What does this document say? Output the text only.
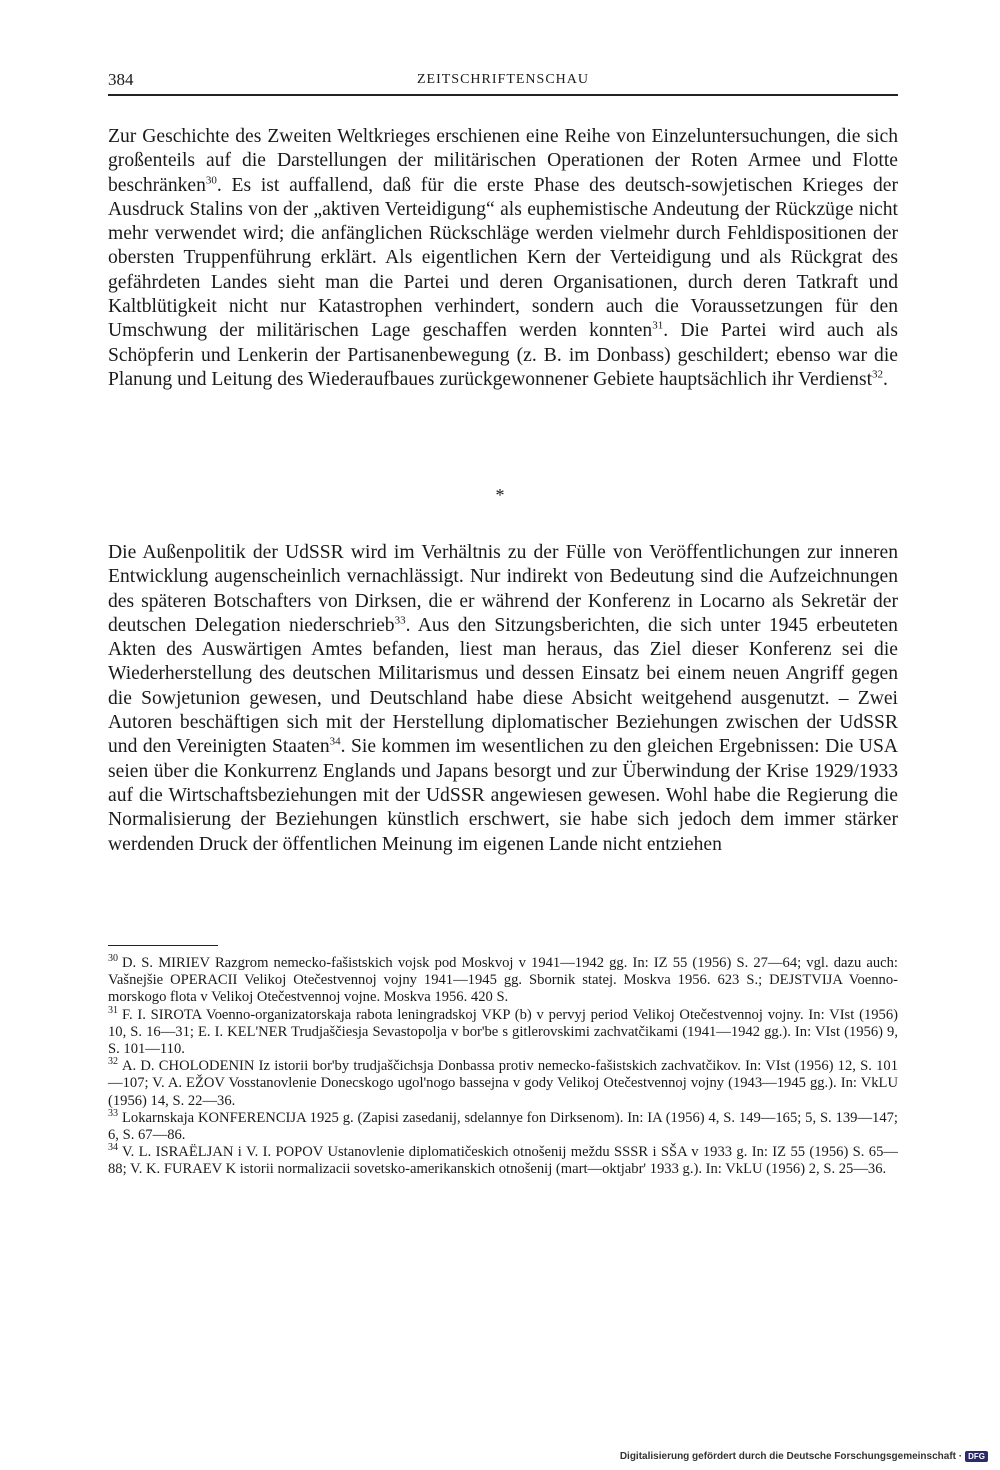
384	ZEITSCHRIFTENSCHAU

Zur Geschichte des Zweiten Weltkrieges erschienen eine Reihe von Einzeluntersuchungen, die sich großenteils auf die Darstellungen der militärischen Operationen der Roten Armee und Flotte beschränken$^{30}$. Es ist auffallend, daß für die erste Phase des deutsch-sowjetischen Krieges der Ausdruck Stalins von der „aktiven Verteidigung“ als euphemistische Andeutung der Rückzüge nicht mehr verwendet wird; die anfänglichen Rückschläge werden vielmehr durch Fehldispositionen der obersten Truppenführung erklärt. Als eigentlichen Kern der Verteidigung und als Rückgrat des gefährdeten Landes sieht man die Partei und deren Organisationen, durch deren Tatkraft und Kaltblütigkeit nicht nur Katastrophen verhindert, sondern auch die Voraussetzungen für den Umschwung der militärischen Lage geschaffen werden konnten$^{31}$. Die Partei wird auch als Schöpferin und Lenkerin der Partisanenbewegung (z. B. im Donbass) geschildert; ebenso war die Planung und Leitung des Wiederaufbaues zurückgewonnener Gebiete hauptsächlich ihr Verdienst$^{32}$.

*

Die Außenpolitik der UdSSR wird im Verhältnis zu der Fülle von Veröffentlichungen zur inneren Entwicklung augenscheinlich vernachlässigt. Nur indirekt von Bedeutung sind die Aufzeichnungen des späteren Botschafters von Dirksen, die er während der Konferenz in Locarno als Sekretär der deutschen Delegation niederschrieb$^{33}$. Aus den Sitzungsberichten, die sich unter 1945 erbeuteten Akten des Auswärtigen Amtes befanden, liest man heraus, das Ziel dieser Konferenz sei die Wiederherstellung des deutschen Militarismus und dessen Einsatz bei einem neuen Angriff gegen die Sowjetunion gewesen, und Deutschland habe diese Absicht weitgehend ausgenutzt. – Zwei Autoren beschäftigen sich mit der Herstellung diplomatischer Beziehungen zwischen der UdSSR und den Vereinigten Staaten$^{34}$. Sie kommen im wesentlichen zu den gleichen Ergebnissen: Die USA seien über die Konkurrenz Englands und Japans besorgt und zur Überwindung der Krise 1929/1933 auf die Wirtschaftsbeziehungen mit der UdSSR angewiesen gewesen. Wohl habe die Regierung die Normalisierung der Beziehungen künstlich erschwert, sie habe sich jedoch dem immer stärker werdenden Druck der öffentlichen Meinung im eigenen Lande nicht entziehen

$^{30}$ D. S. MIRIEV Razgrom nemecko-fašistskich vojsk pod Moskvoj v 1941—1942 gg. In: IZ 55 (1956) S. 27—64; vgl. dazu auch: Vašnejšie OPERACII Velikoj Otečestvennoj vojny 1941—1945 gg. Sbornik statej. Moskva 1956. 623 S.; DEJSTVIJA Voenno-morskogo flota v Velikoj Otečestvennoj vojne. Moskva 1956. 420 S.
$^{31}$ F. I. SIROTA Voenno-organizatorskaja rabota leningradskoj VKP (b) v pervyj period Velikoj Otečestvennoj vojny. In: VIst (1956) 10, S. 16—31; E. I. KEL'NER Trudjaščiesja Sevastopolja v bor'be s gitlerovskimi zachvatčikami (1941—1942 gg.). In: VIst (1956) 9, S. 101—110.
$^{32}$ A. D. CHOLODENIN Iz istorii bor'by trudjaščichsja Donbassa protiv nemecko-fašistskich zachvatčikov. In: VIst (1956) 12, S. 101—107; V. A. EŽOV Vosstanovlenie Donecskogo ugol'nogo bassejna v gody Velikoj Otečestvennoj vojny (1943—1945 gg.). In: VkLU (1956) 14, S. 22—36.
$^{33}$ Lokarnskaja KONFERENCIJA 1925 g. (Zapisi zasedanij, sdelannye fon Dirksenom). In: IA (1956) 4, S. 149—165; 5, S. 139—147; 6, S. 67—86.
$^{34}$ V. L. ISRAËLJAN i V. I. POPOV Ustanovlenie diplomatičeskich otnošenij meždu SSSR i SŠA v 1933 g. In: IZ 55 (1956) S. 65—88; V. K. FURAEV K istorii normalizacii sovetsko-amerikanskich otnošenij (mart—oktjabr' 1933 g.). In: VkLU (1956) 2, S. 25—36.
Digitalisierung gefördert durch die Deutsche Forschungsgemeinschaft · DFG
